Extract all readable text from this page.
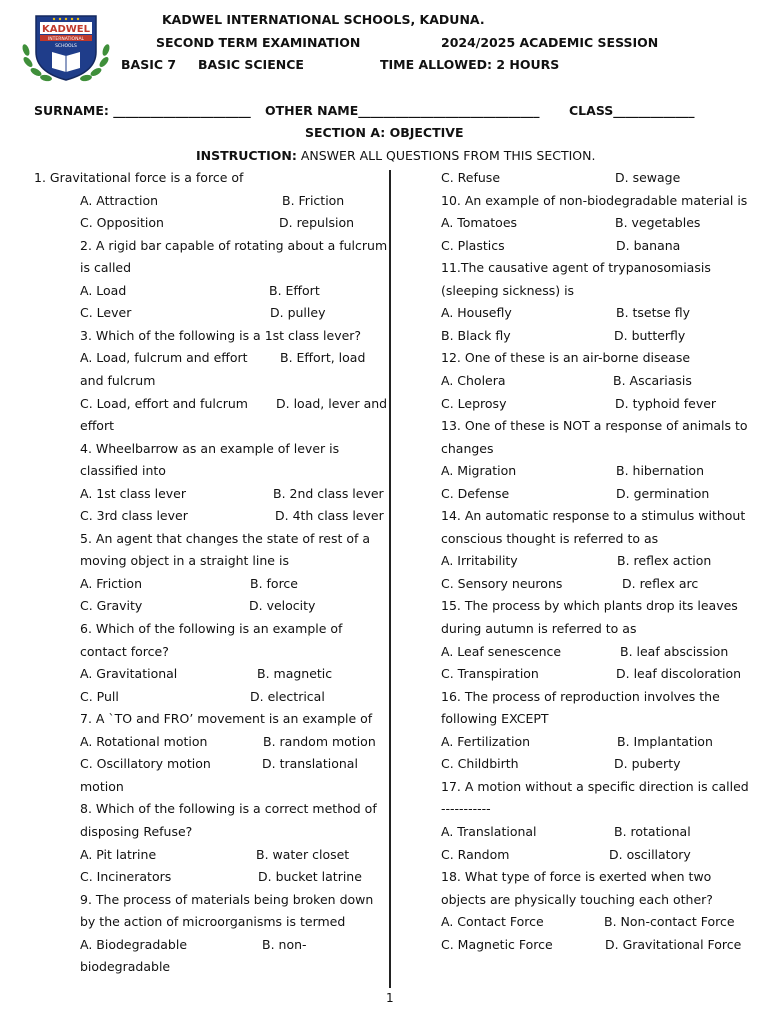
KADWEL
INTERNATIONAL
SCHOOLS
KADWEL INTERNATIONAL SCHOOLS, KADUNA.
SECOND TERM EXAMINATION	2024/2025 ACADEMIC SESSION
BASIC 7 BASIC SCIENCE	TIME ALLOWED: 2 HOURS
SURNAME: ______________________ OTHER NAME_____________________________ CLASS_____________
SECTION A: OBJECTIVE
INSTRUCTION: ANSWER ALL QUESTIONS FROM THIS SECTION.
1. Gravitational force is a force of
A. Attraction	B. Friction
C. Opposition	D. repulsion
2. A rigid bar capable of rotating about a fulcrum
is called
A. Load	B. Effort
C. Lever	D. pulley
3. Which of the following is a 1st class lever?
A. Load, fulcrum and effort	B. Effort, load
and fulcrum
C. Load, effort and fulcrum D. load, lever and
effort
4. Wheelbarrow as an example of lever is
classified into
A. 1st class lever	B. 2nd class lever
C. 3rd class lever	D. 4th class lever
5. An agent that changes the state of rest of a
moving object in a straight line is
A. Friction	B. force
C. Gravity	D. velocity
6. Which of the following is an example of
contact force?
A. Gravitational	B. magnetic
C. Pull	D. electrical
7. A `TO and FRO’ movement is an example of
A. Rotational motion	B. random motion
C. Oscillatory motion	D. translational
motion
8. Which of the following is a correct method of
disposing Refuse?
A. Pit latrine	B. water closet
C. Incinerators	D. bucket latrine
9. The process of materials being broken down
by the action of microorganisms is termed
A. Biodegradable	B. non-
biodegradable
C. Refuse	D. sewage
10. An example of non-biodegradable material is
A. Tomatoes	B. vegetables
C. Plastics	D. banana
11.The causative agent of trypanosomiasis
(sleeping sickness) is
A. Housefly	B. tsetse fly
B. Black fly	D. butterfly
12. One of these is an air-borne disease
A. Cholera	B. Ascariasis
C. Leprosy	D. typhoid fever
13. One of these is NOT a response of animals to
changes
A. Migration	B. hibernation
C. Defense	D. germination
14. An automatic response to a stimulus without
conscious thought is referred to as
A. Irritability	B. reflex action
C. Sensory neurons	D. reflex arc
15. The process by which plants drop its leaves
during autumn is referred to as
A. Leaf senescence	B. leaf abscission
C. Transpiration	D. leaf discoloration
16. The process of reproduction involves the
following EXCEPT
A. Fertilization	B. Implantation
C. Childbirth	D. puberty
17. A motion without a specific direction is called
-----------
A. Translational	B. rotational
C. Random	D. oscillatory
18. What type of force is exerted when two
objects are physically touching each other?
A. Contact Force	B. Non-contact Force
C. Magnetic Force	D. Gravitational Force
1
